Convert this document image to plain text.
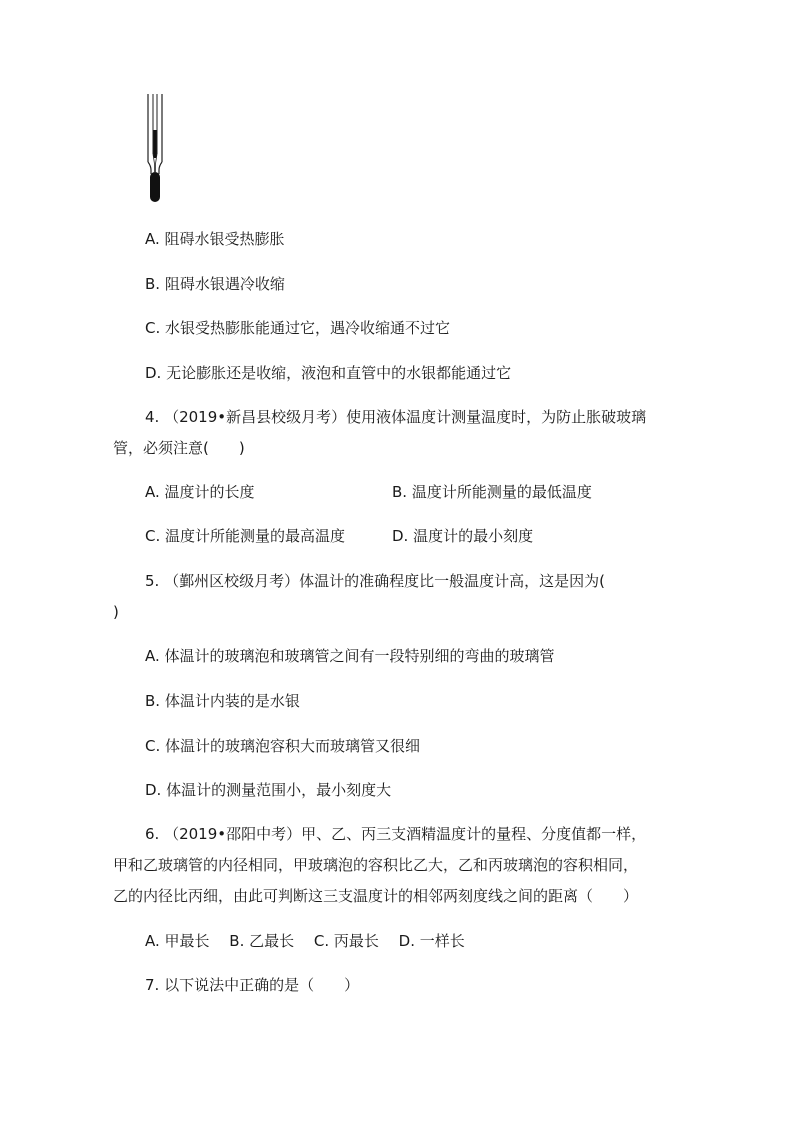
A. 阻碍水银受热膨胀
B. 阻碍水银遇冷收缩
C. 水银受热膨胀能通过它，遇冷收缩通不过它
D. 无论膨胀还是收缩，液泡和直管中的水银都能通过它
4. （2019•新昌县校级月考）使用液体温度计测量温度时，为防止胀破玻璃
管，必须注意(　　)
A. 温度计的长度	B. 温度计所能测量的最低温度
C. 温度计所能测量的最高温度	D. 温度计的最小刻度
5. （鄞州区校级月考）体温计的准确程度比一般温度计高，这是因为(
)
A. 体温计的玻璃泡和玻璃管之间有一段特别细的弯曲的玻璃管
B. 体温计内装的是水银
C. 体温计的玻璃泡容积大而玻璃管又很细
D. 体温计的测量范围小，最小刻度大
6. （2019•邵阳中考）甲、乙、丙三支酒精温度计的量程、分度值都一样，
甲和乙玻璃管的内径相同，甲玻璃泡的容积比乙大，乙和丙玻璃泡的容积相同，
乙的内径比丙细，由此可判断这三支温度计的相邻两刻度线之间的距离（　　）
A. 甲最长　 B. 乙最长　 C. 丙最长　 D. 一样长
7. 以下说法中正确的是（　　）
